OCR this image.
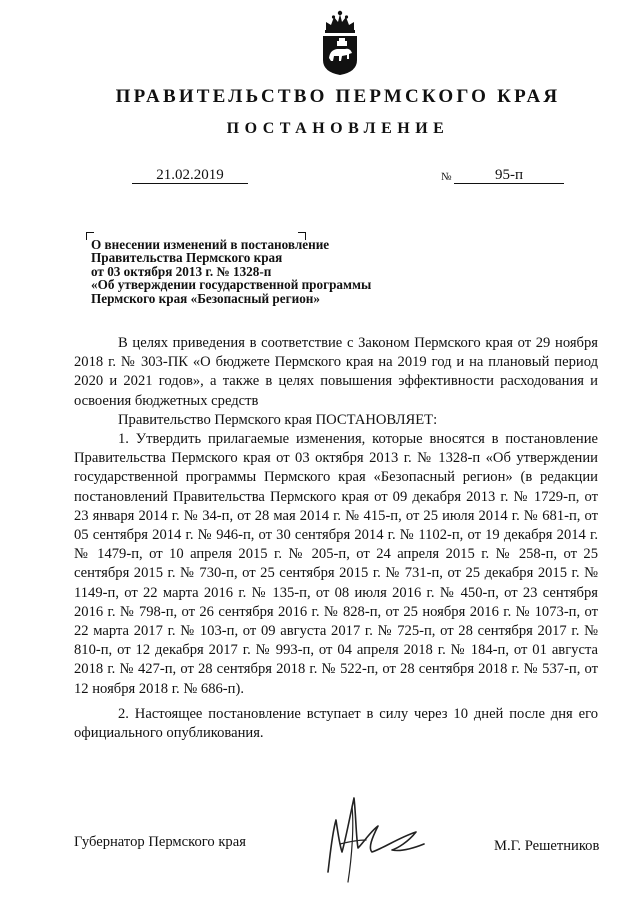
ПРАВИТЕЛЬСТВО ПЕРМСКОГО КРАЯ
ПОСТАНОВЛЕНИЕ
21.02.2019	№	95-п
О внесении изменений в постановление
Правительства Пермского края
от 03 октября 2013 г. № 1328-п
«Об утверждении государственной программы
Пермского края «Безопасный регион»

В целях приведения в соответствие с Законом Пермского края от 29 ноября 2018 г. № 303-ПК «О бюджете Пермского края на 2019 год и на плановый период 2020 и 2021 годов», а также в целях повышения эффективности расходования и освоения бюджетных средств

Правительство Пермского края ПОСТАНОВЛЯЕТ:

1. Утвердить прилагаемые изменения, которые вносятся в постановление Правительства Пермского края от 03 октября 2013 г. № 1328-п «Об утверждении государственной программы Пермского края «Безопасный регион» (в редакции постановлений Правительства Пермского края от 09 декабря 2013 г. № 1729-п, от 23 января 2014 г. № 34-п, от 28 мая 2014 г. № 415-п, от 25 июля 2014 г. № 681-п, от 05 сентября 2014 г. № 946-п, от 30 сентября 2014 г. № 1102-п, от 19 декабря 2014 г. № 1479-п, от 10 апреля 2015 г. № 205-п, от 24 апреля 2015 г. № 258-п, от 25 сентября 2015 г. № 730-п, от 25 сентября 2015 г. № 731-п, от 25 декабря 2015 г. № 1149-п, от 22 марта 2016 г. № 135-п, от 08 июля 2016 г. № 450-п, от 23 сентября 2016 г. № 798-п, от 26 сентября 2016 г. № 828-п, от 25 ноября 2016 г. № 1073-п, от 22 марта 2017 г. № 103-п, от 09 августа 2017 г. № 725-п, от 28 сентября 2017 г. № 810-п, от 12 декабря 2017 г. № 993-п, от 04 апреля 2018 г. № 184-п, от 01 августа 2018 г. № 427-п, от 28 сентября 2018 г. № 522-п, от 28 сентября 2018 г. № 537-п, от 12 ноября 2018 г. № 686-п).

2. Настоящее постановление вступает в силу через 10 дней после дня его официального опубликования.

Губернатор Пермского края	М.Г. Решетников
